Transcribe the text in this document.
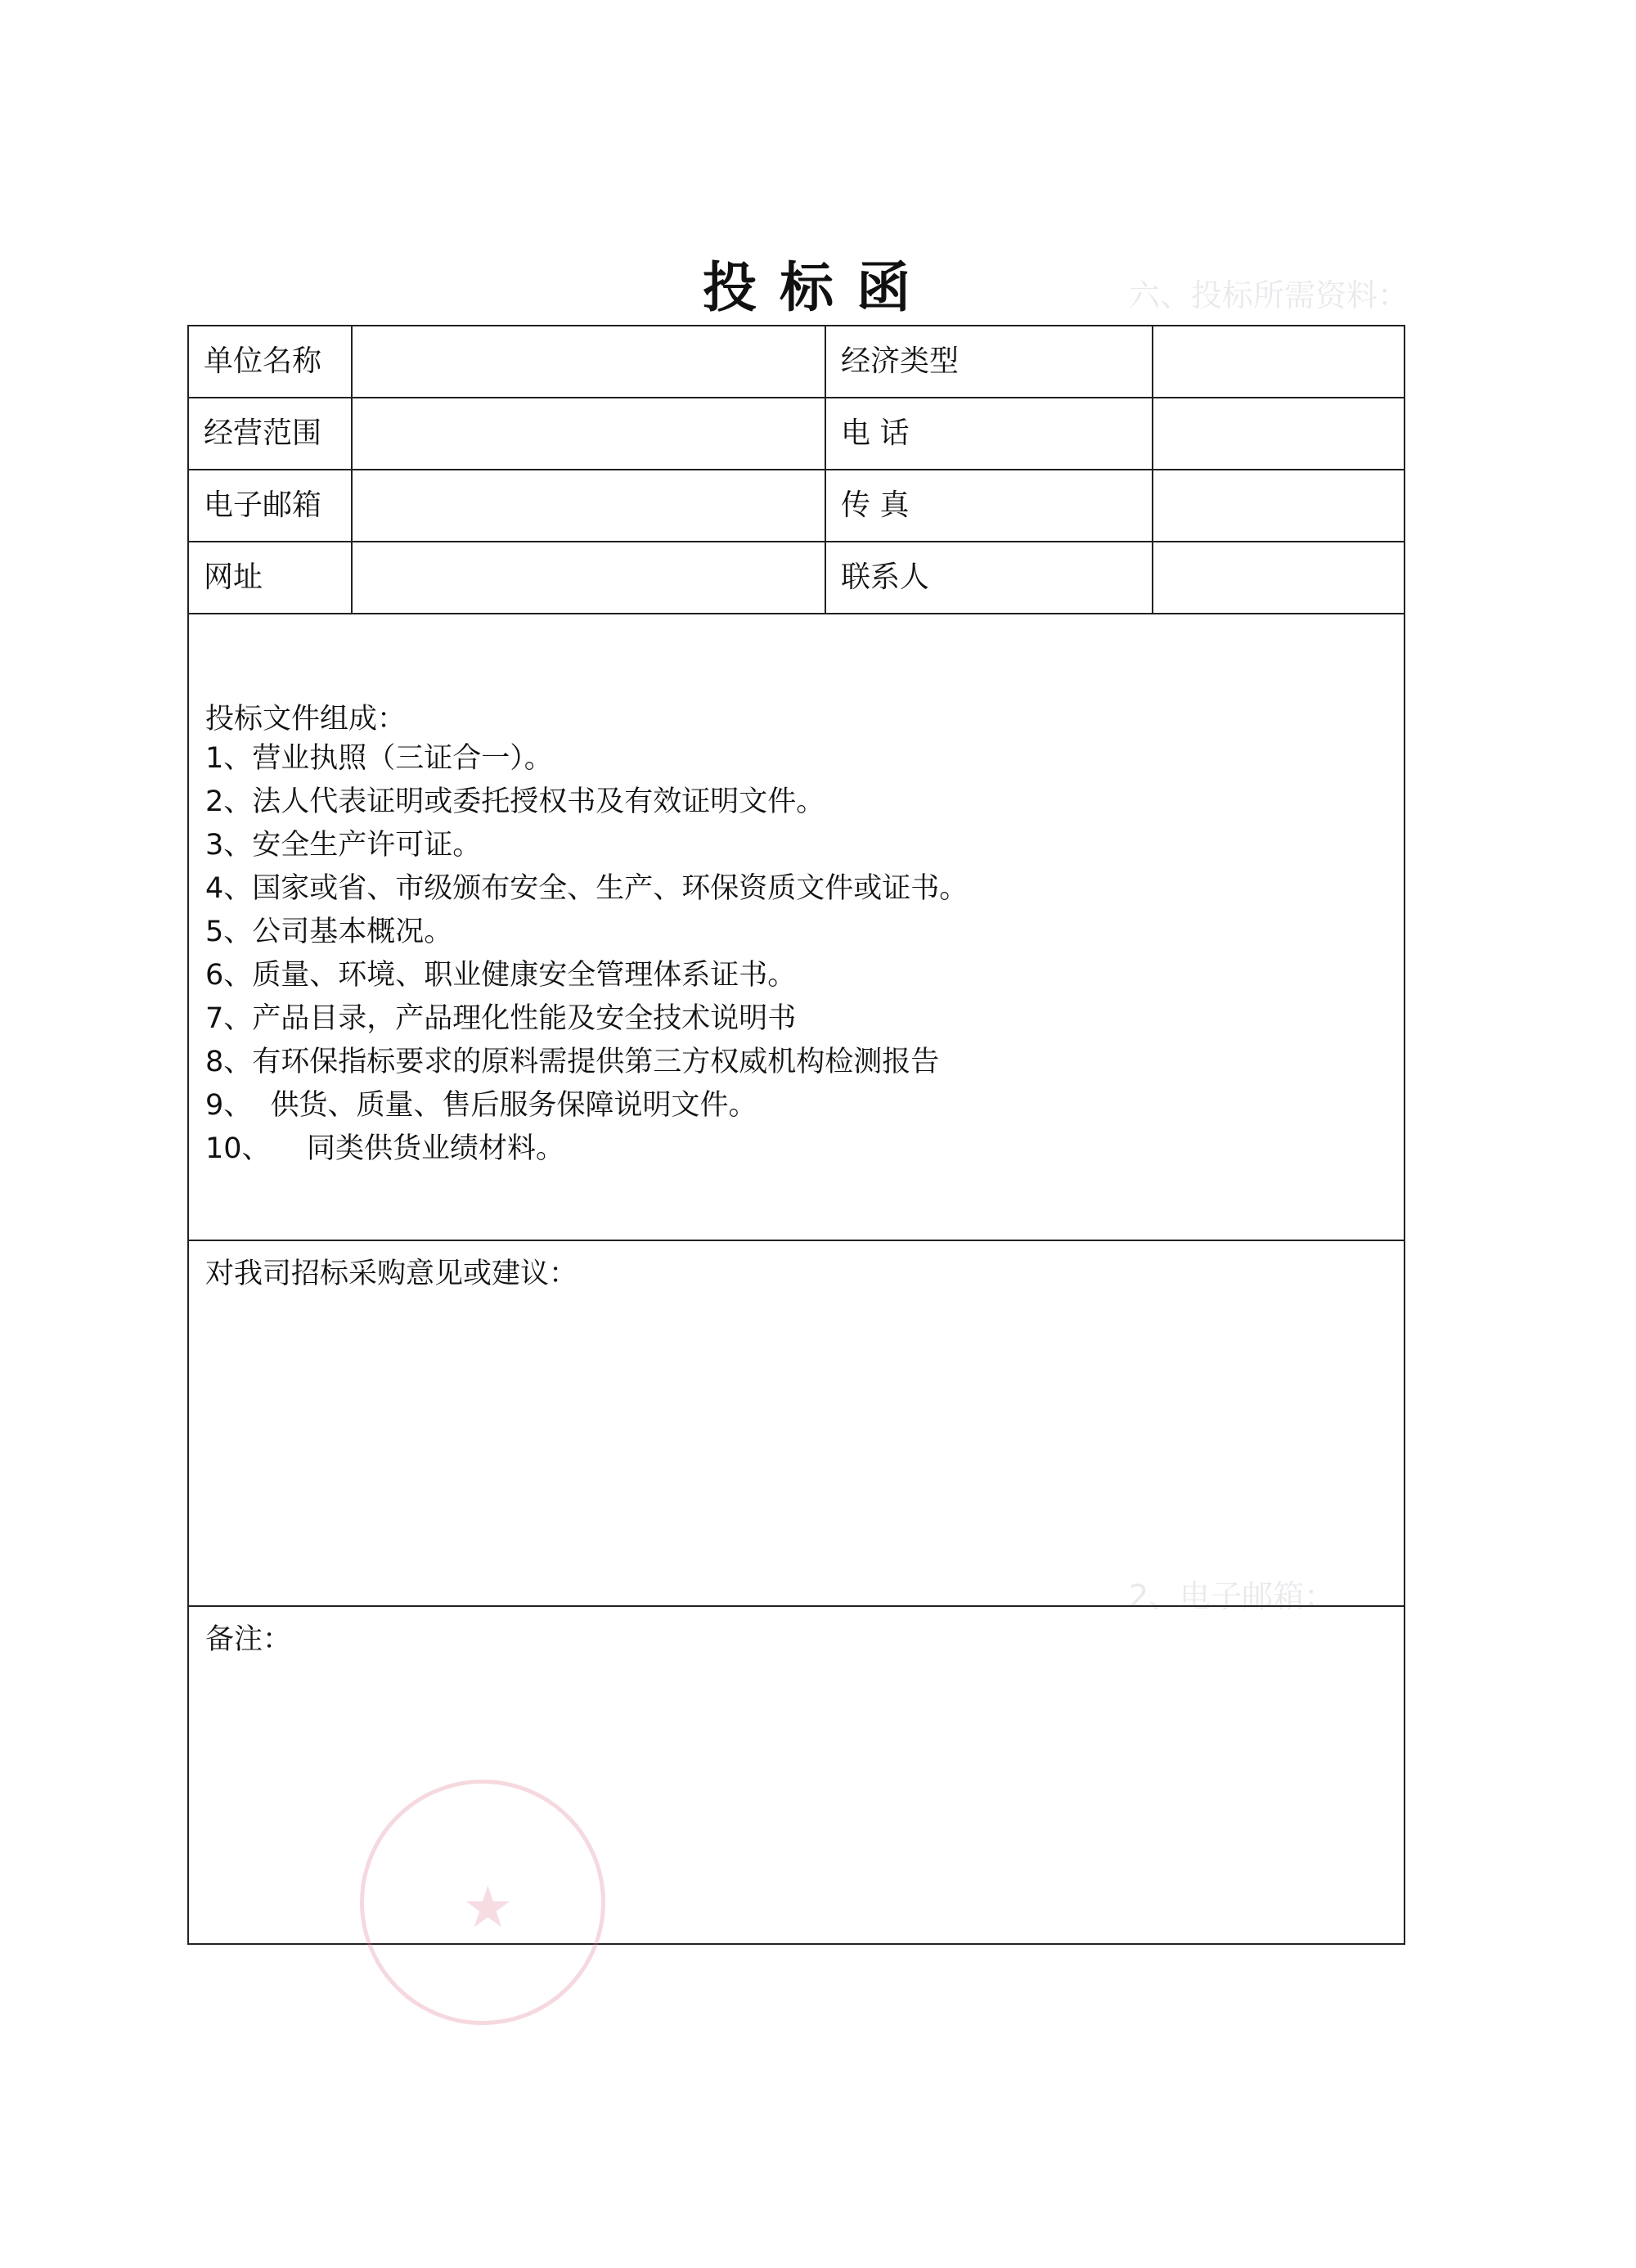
六、投标所需资料：
2、电子邮箱：
投标函
单位名称	经济类型
经营范围	电 话
电子邮箱	传 真
网址	联系人
投标文件组成：
1、营业执照（三证合一）。
2、法人代表证明或委托授权书及有效证明文件。
3、安全生产许可证。
4、国家或省、市级颁布安全、生产、环保资质文件或证书。
5、公司基本概况。
6、质量、环境、职业健康安全管理体系证书。
7、产品目录，产品理化性能及安全技术说明书
8、有环保指标要求的原料需提供第三方权威机构检测报告
9、  供货、质量、售后服务保障说明文件。
10、    同类供货业绩材料。
对我司招标采购意见或建议：
备注：
★
